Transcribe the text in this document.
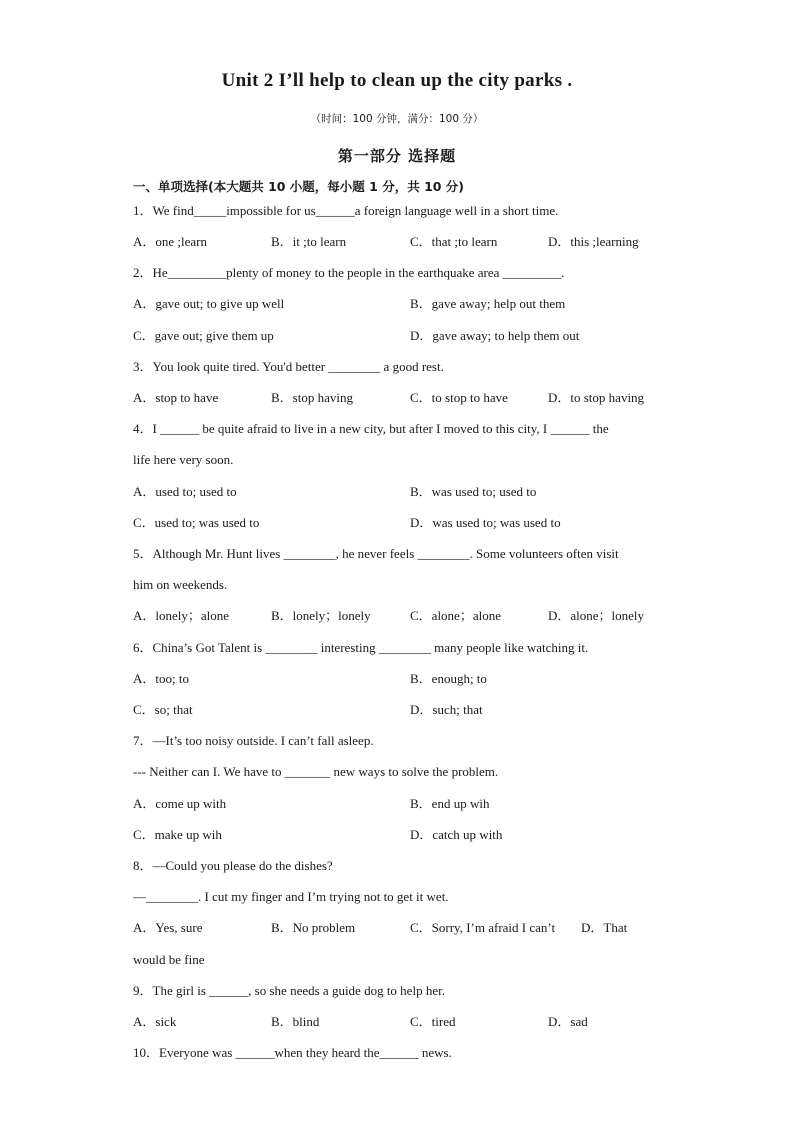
Unit 2 I’ll help to clean up the city parks .
（时间：100 分钟，满分：100 分）
第一部分 选择题
一、单项选择(本大题共 10 小题，每小题 1 分，共 10 分)
1．We find_____impossible for us______a foreign language well in a short time.
A．one ;learn	B．it ;to learn	C．that ;to learn	D．this ;learning
2．He_________plenty of money to the people in the earthquake area _________.
A．gave out; to give up well	B．gave away; help out them
C．gave out; give them up	D．gave away; to help them out
3．You look quite tired. You'd better ________ a good rest.
A．stop to have	B．stop having	C．to stop to have	D．to stop having
4．I ______ be quite afraid to live in a new city, but after I moved to this city, I ______ the
life here very soon.
A．used to; used to	B．was used to; used to
C．used to; was used to	D．was used to; was used to
5．Although Mr. Hunt lives ________, he never feels ________. Some volunteers often visit
him on weekends.
A．lonely；alone	B．lonely；lonely	C．alone；alone	D．alone；lonely
6．China’s Got Talent is ________ interesting ________ many people like watching it.
A．too; to	B．enough; to
C．so; that	D．such; that
7．—It’s too noisy outside. I can’t fall asleep.
--- Neither can I. We have to _______ new ways to solve the problem.
A．come up with	B．end up wih
C．make up wih	D．catch up with
8．—Could you please do the dishes?
—________. I cut my finger and I’m trying not to get it wet.
A．Yes, sure	B．No problem	C．Sorry, I’m afraid I can’t D．That
would be fine
9．The girl is ______, so she needs a guide dog to help her.
A．sick	B．blind	C．tired	D．sad
10．Everyone was ______when they heard the______ news.
